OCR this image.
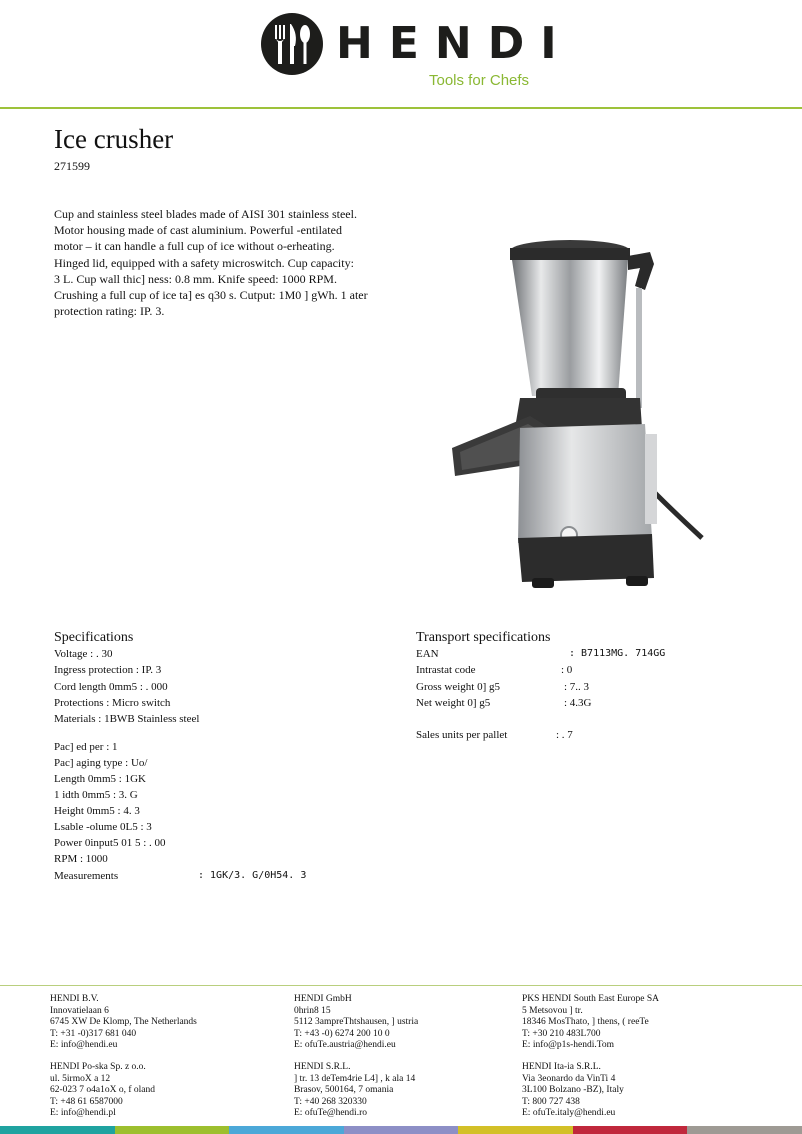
HENDI
Tools for Chefs
Ice crusher
271599
Cup and stainless steel blades made of AISI 301 stainless steel.
Motor housing made of cast aluminium. Powerful -entilated
motor – it can handle a full cup of ice without o-erheating.
Hinged lid, equipped with a safety microswitch. Cup capacity:
3 L. Cup wall thic] ness: 0.8 mm. Knife speed: 1000 RPM.
Crushing a full cup of ice ta] es q30 s. Cutput: 1M0 ] gWh. 1 ater
protection rating: IP. 3.
Specifications
Voltage : . 30
Ingress protection : IP. 3
Cord length 0mm5 : . 000
Protections : Micro switch
Materials : 1BWB Stainless steel
Pac] ed per : 1
Pac] aging type : Uo/
Length 0mm5 : 1GK
1 idth 0mm5 : 3. G
Height 0mm5 : 4. 3
Lsable -olume 0L5 : 3
Power 0input5 01 5 : . 00
RPM : 1000
Measurements	: 1GK/3. G/0H54. 3
Transport specifications
EAN	: B7113MG. 714GG
Intrastat code	: 0
Gross weight 0] g5	: 7.. 3
Net weight 0] g5	: 4.3G
Sales units per pallet	: . 7
HENDI B.V.
Innovatielaan 6
6745 XW De Klomp, The Netherlands
T: +31 -0)317 681 040
E: info@hendi.eu
HENDI GmbH
0hrin8 15
5112 3ampreThtshausen, ] ustria
T: +43 -0) 6274 200 10 0
E: ofuTe.austria@hendi.eu
PKS HENDI South East Europe SA
5 Metsovou ] tr.
18346 MosThato, ] thens, ( reeTe
T: +30 210 483L700
E: info@p1s-hendi.Tom
HENDI Po-ska Sp. z o.o.
ul. 5irmoX a 12
62-023 7 o4a1oX o, f oland
T: +48 61 6587000
E: info@hendi.pl
HENDI S.R.L.
] tr. 13 deTem4rie L4] , k ala 14
Brasov, 500164, 7 omania
T: +40 268 320330
E: ofuTe@hendi.ro
HENDI Ita-ia S.R.L.
Via 3eonardo da VinTi 4
3L100 Bolzano -BZ), Italy
T: 800 727 438
E: ofuTe.italy@hendi.eu
